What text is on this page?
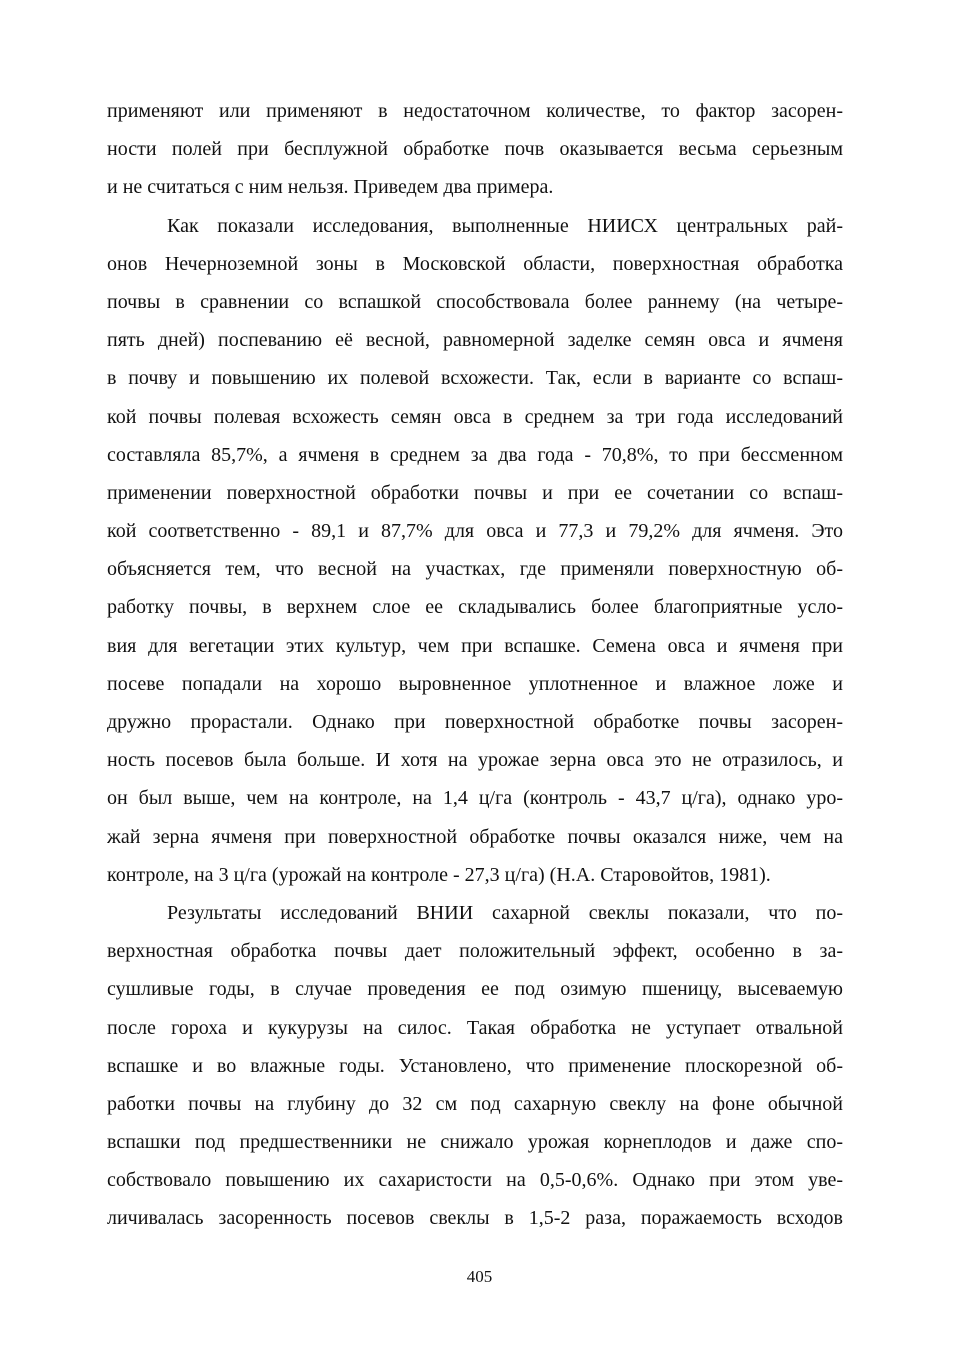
применяют или применяют в недостаточном количестве, то фактор засорен-
ности полей при бесплужной обработке почв оказывается весьма серьезным
и не считаться с ним нельзя. Приведем два примера.
Как показали исследования, выполненные НИИСХ центральных рай-
онов Нечерноземной зоны в Московской области, поверхностная обработка
почвы в сравнении со вспашкой способствовала более раннему (на четыре-
пять дней) поспеванию её весной, равномерной заделке семян овса и ячменя
в почву и повышению их полевой всхожести. Так, если в варианте со вспаш-
кой почвы полевая всхожесть семян овса в среднем за три года исследований
составляла 85,7%, а ячменя в среднем за два года - 70,8%, то при бессменном
применении поверхностной обработки почвы и при ее сочетании со вспаш-
кой соответственно - 89,1 и 87,7% для овса и 77,3 и 79,2% для ячменя. Это
объясняется тем, что весной на участках, где применяли поверхностную об-
работку почвы, в верхнем слое ее складывались более благоприятные усло-
вия для вегетации этих культур, чем при вспашке. Семена овса и ячменя при
посеве попадали на хорошо выровненное уплотненное и влажное ложе и
дружно прорастали. Однако при поверхностной обработке почвы засорен-
ность посевов была больше. И хотя на урожае зерна овса это не отразилось, и
он был выше, чем на контроле, на 1,4 ц/га (контроль - 43,7 ц/га), однако уро-
жай зерна ячменя при поверхностной обработке почвы оказался ниже, чем на
контроле, на 3 ц/га (урожай на контроле - 27,3 ц/га) (Н.А. Старовойтов, 1981).
Результаты исследований ВНИИ сахарной свеклы показали, что по-
верхностная обработка почвы дает положительный эффект, особенно в за-
сушливые годы, в случае проведения ее под озимую пшеницу, высеваемую
после гороха и кукурузы на силос. Такая обработка не уступает отвальной
вспашке и во влажные годы. Установлено, что применение плоскорезной об-
работки почвы на глубину до 32 см под сахарную свеклу на фоне обычной
вспашки под предшественники не снижало урожая корнеплодов и даже спо-
собствовало повышению их сахаристости на 0,5-0,6%. Однако при этом уве-
личивалась засоренность посевов свеклы в 1,5-2 раза, поражаемость всходов
405
